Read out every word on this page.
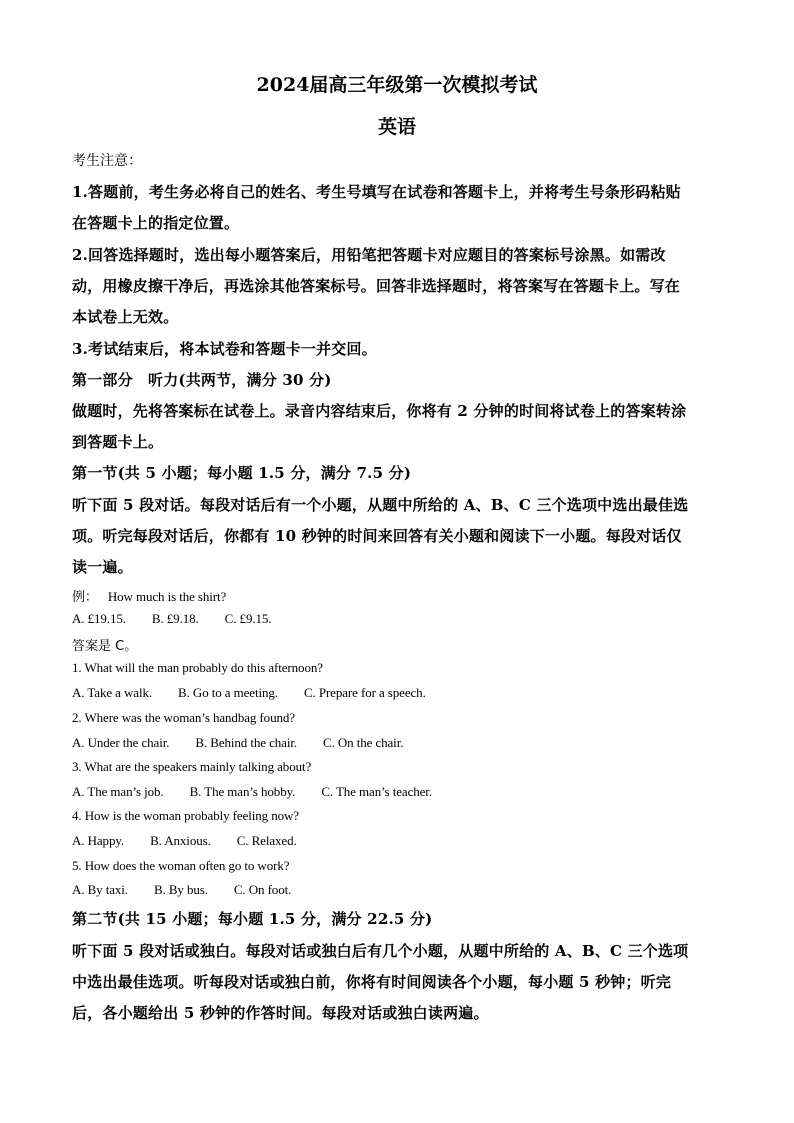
2024届高三年级第一次模拟考试
英语
考生注意：
1.答题前，考生务必将自己的姓名、考生号填写在试卷和答题卡上，并将考生号条形码粘贴
在答题卡上的指定位置。
2.回答选择题时，选出每小题答案后，用铅笔把答题卡对应题目的答案标号涂黑。如需改
动，用橡皮擦干净后，再选涂其他答案标号。回答非选择题时，将答案写在答题卡上。写在
本试卷上无效。
3.考试结束后，将本试卷和答题卡一并交回。
第一部分　听力(共两节，满分 30 分)
做题时，先将答案标在试卷上。录音内容结束后，你将有 2 分钟的时间将试卷上的答案转涂
到答题卡上。
第一节(共 5 小题；每小题 1.5 分，满分 7.5 分)
听下面 5 段对话。每段对话后有一个小题，从题中所给的 A、B、C 三个选项中选出最佳选
项。听完每段对话后，你都有 10 秒钟的时间来回答有关小题和阅读下一小题。每段对话仅
读一遍。
例： How much is the shirt?
A. £19.15. B. £9.18. C. £9.15.
答案是 C。
1. What will the man probably do this afternoon?
A. Take a walk. B. Go to a meeting. C. Prepare for a speech.
2. Where was the woman’s handbag found?
A. Under the chair. B. Behind the chair. C. On the chair.
3. What are the speakers mainly talking about?
A. The man’s job. B. The man’s hobby. C. The man’s teacher.
4. How is the woman probably feeling now?
A. Happy. B. Anxious. C. Relaxed.
5. How does the woman often go to work?
A. By taxi. B. By bus. C. On foot.
第二节(共 15 小题；每小题 1.5 分，满分 22.5 分)
听下面 5 段对话或独白。每段对话或独白后有几个小题，从题中所给的 A、B、C 三个选项
中选出最佳选项。听每段对话或独白前，你将有时间阅读各个小题，每小题 5 秒钟；听完
后，各小题给出 5 秒钟的作答时间。每段对话或独白读两遍。
